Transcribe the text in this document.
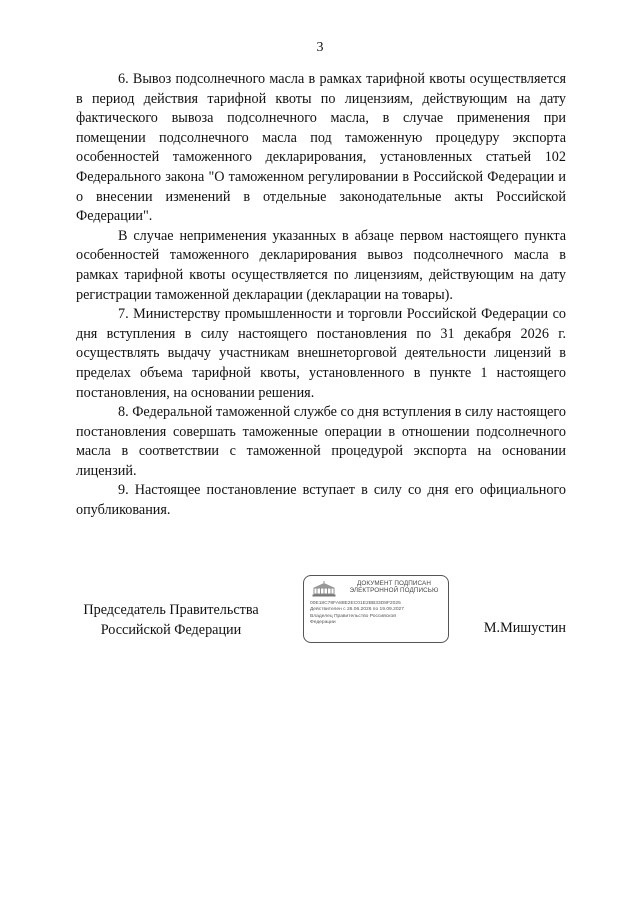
3

6. Вывоз подсолнечного масла в рамках тарифной квоты осуществляется в период действия тарифной квоты по лицензиям, действующим на дату фактического вывоза подсолнечного масла, в случае применения при помещении подсолнечного масла под таможенную процедуру экспорта особенностей таможенного декларирования, установленных статьей 102 Федерального закона "О таможенном регулировании в Российской Федерации и о внесении изменений в отдельные законодательные акты Российской Федерации".

В случае неприменения указанных в абзаце первом настоящего пункта особенностей таможенного декларирования вывоз подсолнечного масла в рамках тарифной квоты осуществляется по лицензиям, действующим на дату регистрации таможенной декларации (декларации на товары).

7. Министерству промышленности и торговли Российской Федерации со дня вступления в силу настоящего постановления по 31 декабря 2026 г. осуществлять выдачу участникам внешнеторговой деятельности лицензий в пределах объема тарифной квоты, установленного в пункте 1 настоящего постановления, на основании решения.

8. Федеральной таможенной службе со дня вступления в силу настоящего постановления совершать таможенные операции в отношении подсолнечного масла в соответствии с таможенной процедурой экспорта на основании лицензий.

9. Настоящее постановление вступает в силу со дня его официального опубликования.

Председатель Правительства
Российской Федерации
ДОКУМЕНТ ПОДПИСАН
ЭЛЕКТРОННОЙ ПОДПИСЬЮ
00E18C78FA88E2EC01E2BB33D8F2025
Действителен с 26.06.2026 по 19.09.2027
Владелец Правительство Российской
Федерации	М.Мишустин
